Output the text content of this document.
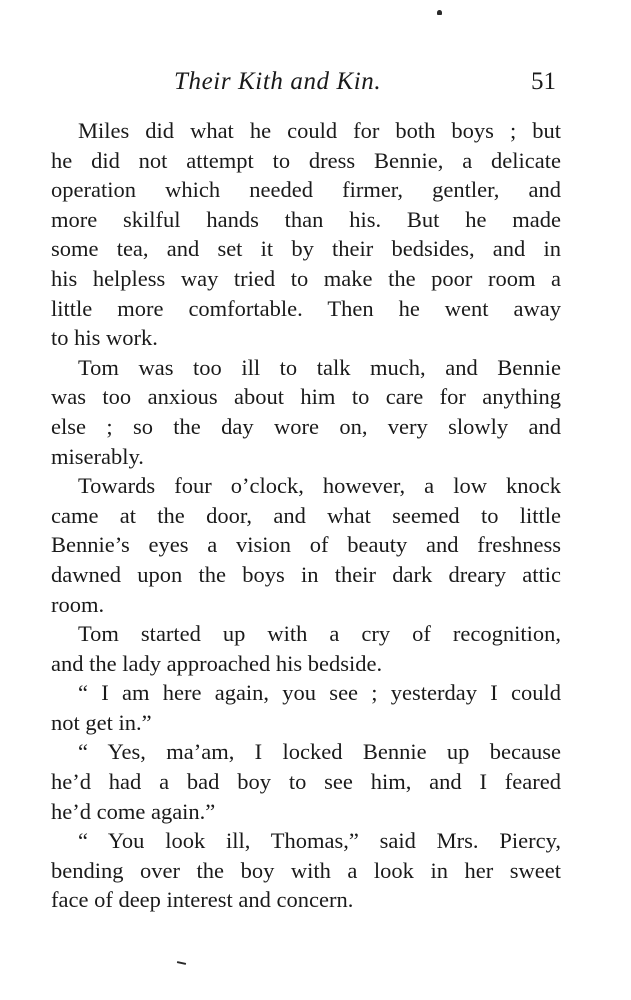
Their Kith and Kin.	51
Miles did what he could for both boys ; but
he did not attempt to dress Bennie, a delicate
operation which needed firmer, gentler, and
more skilful hands than his. But he made
some tea, and set it by their bedsides, and in
his helpless way tried to make the poor room a
little more comfortable. Then he went away
to his work.
Tom was too ill to talk much, and Bennie
was too anxious about him to care for anything
else ; so the day wore on, very slowly and
miserably.
Towards four o’clock, however, a low knock
came at the door, and what seemed to little
Bennie’s eyes a vision of beauty and freshness
dawned upon the boys in their dark dreary attic
room.
Tom started up with a cry of recognition,
and the lady approached his bedside.
“ I am here again, you see ; yesterday I could
not get in.”
“ Yes, ma’am, I locked Bennie up because
he’d had a bad boy to see him, and I feared
he’d come again.”
“ You look ill, Thomas,” said Mrs. Piercy,
bending over the boy with a look in her sweet
face of deep interest and concern.
